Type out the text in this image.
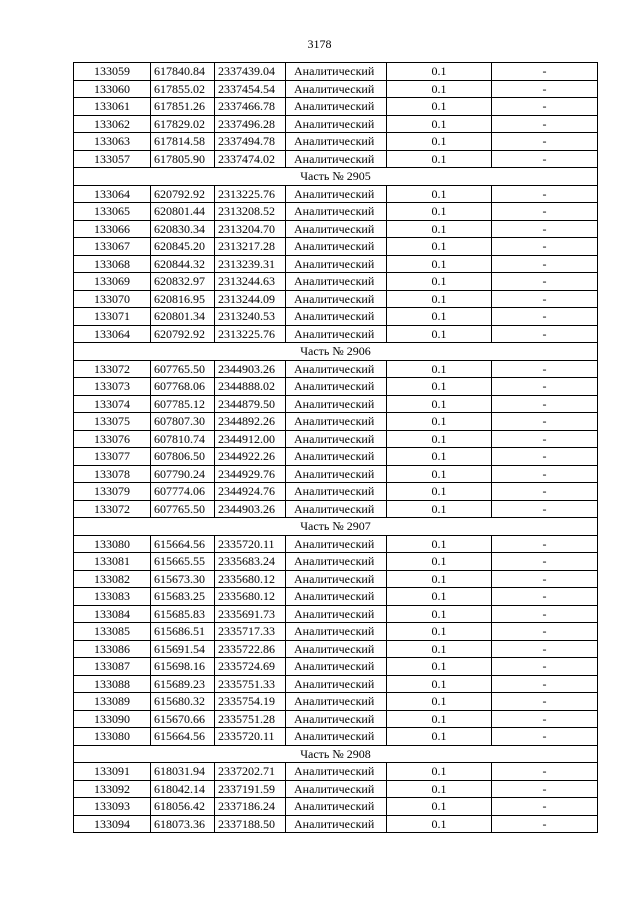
3178
133059	617840.84	2337439.04	Аналитический	0.1	-
133060	617855.02	2337454.54	Аналитический	0.1	-
133061	617851.26	2337466.78	Аналитический	0.1	-
133062	617829.02	2337496.28	Аналитический	0.1	-
133063	617814.58	2337494.78	Аналитический	0.1	-
133057	617805.90	2337474.02	Аналитический	0.1	-
Часть № 2905					
133064	620792.92	2313225.76	Аналитический	0.1	-
133065	620801.44	2313208.52	Аналитический	0.1	-
133066	620830.34	2313204.70	Аналитический	0.1	-
133067	620845.20	2313217.28	Аналитический	0.1	-
133068	620844.32	2313239.31	Аналитический	0.1	-
133069	620832.97	2313244.63	Аналитический	0.1	-
133070	620816.95	2313244.09	Аналитический	0.1	-
133071	620801.34	2313240.53	Аналитический	0.1	-
133064	620792.92	2313225.76	Аналитический	0.1	-
Часть № 2906					
133072	607765.50	2344903.26	Аналитический	0.1	-
133073	607768.06	2344888.02	Аналитический	0.1	-
133074	607785.12	2344879.50	Аналитический	0.1	-
133075	607807.30	2344892.26	Аналитический	0.1	-
133076	607810.74	2344912.00	Аналитический	0.1	-
133077	607806.50	2344922.26	Аналитический	0.1	-
133078	607790.24	2344929.76	Аналитический	0.1	-
133079	607774.06	2344924.76	Аналитический	0.1	-
133072	607765.50	2344903.26	Аналитический	0.1	-
Часть № 2907					
133080	615664.56	2335720.11	Аналитический	0.1	-
133081	615665.55	2335683.24	Аналитический	0.1	-
133082	615673.30	2335680.12	Аналитический	0.1	-
133083	615683.25	2335680.12	Аналитический	0.1	-
133084	615685.83	2335691.73	Аналитический	0.1	-
133085	615686.51	2335717.33	Аналитический	0.1	-
133086	615691.54	2335722.86	Аналитический	0.1	-
133087	615698.16	2335724.69	Аналитический	0.1	-
133088	615689.23	2335751.33	Аналитический	0.1	-
133089	615680.32	2335754.19	Аналитический	0.1	-
133090	615670.66	2335751.28	Аналитический	0.1	-
133080	615664.56	2335720.11	Аналитический	0.1	-
Часть № 2908					
133091	618031.94	2337202.71	Аналитический	0.1	-
133092	618042.14	2337191.59	Аналитический	0.1	-
133093	618056.42	2337186.24	Аналитический	0.1	-
133094	618073.36	2337188.50	Аналитический	0.1	-
